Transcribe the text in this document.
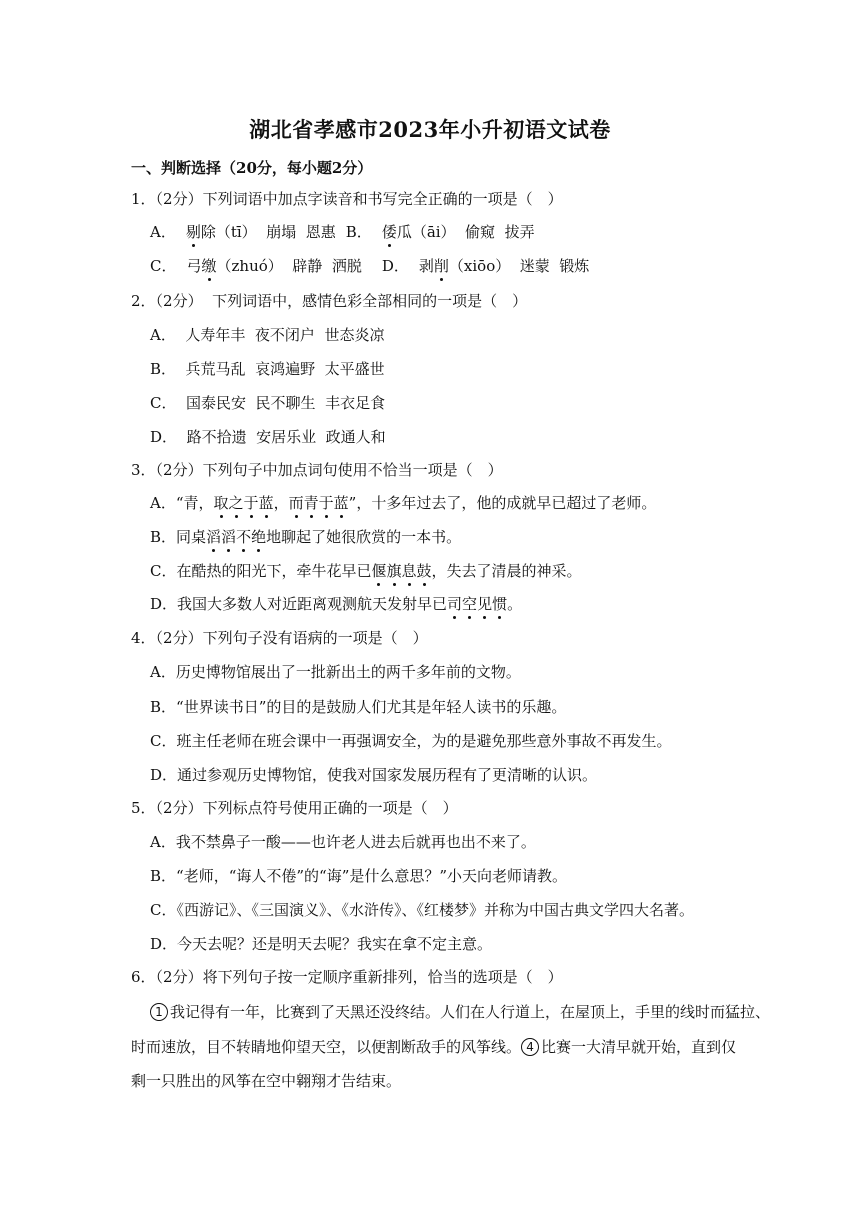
湖北省孝感市2023年小升初语文试卷
一、判断选择（20分，每小题2分）
1．（2分）下列词语中加点字读音和书写完全正确的一项是（　）
A． 剔除（tī）  崩塌  恩惠 B． 倭瓜（āi）  偷窥  拔弄
C． 弓缴（zhuó）  辟静  洒脱 D． 剥削（xiōo）  迷蒙  锻炼
2．（2分）  下列词语中，感情色彩全部相同的一项是（　）
A．  人寿年丰  夜不闭户  世态炎凉
B．  兵荒马乱  哀鸿遍野  太平盛世
C．  国泰民安  民不聊生  丰衣足食
D．  路不拾遗  安居乐业  政通人和
3．（2分）下列句子中加点词句使用不恰当一项是（　）
A．“青，取之于蓝，而青于蓝”，十多年过去了，他的成就早已超过了老师。
B．同桌滔滔不绝地聊起了她很欣赏的一本书。
C．在酷热的阳光下，牵牛花早已偃旗息鼓，失去了清晨的神采。
D．我国大多数人对近距离观测航天发射早已司空见惯。
4．（2分）下列句子没有语病的一项是（　）
A．历史博物馆展出了一批新出土的两千多年前的文物。
B．“世界读书日”的目的是鼓励人们尤其是年轻人读书的乐趣。
C．班主任老师在班会课中一再强调安全，为的是避免那些意外事故不再发生。
D．通过参观历史博物馆，使我对国家发展历程有了更清晰的认识。
5．（2分）下列标点符号使用正确的一项是（　）
A．我不禁鼻子一酸——也许老人进去后就再也出不来了。
B．“老师，“诲人不倦”的“诲”是什么意思？”小天向老师请教。
C．《西游记》、《三国演义》、《水浒传》、《红楼梦》并称为中国古典文学四大名著。
D．今天去呢？还是明天去呢？我实在拿不定主意。
6．（2分）将下列句子按一定顺序重新排列，恰当的选项是（　）
1 我记得有一年，比赛到了天黑还没终结。人们在人行道上，在屋顶上，手里的线时而猛拉、
时而速放，目不转睛地仰望天空，以便割断敌手的风筝线。 4 比赛一大清早就开始，直到仅
剩一只胜出的风筝在空中翱翔才告结束。
